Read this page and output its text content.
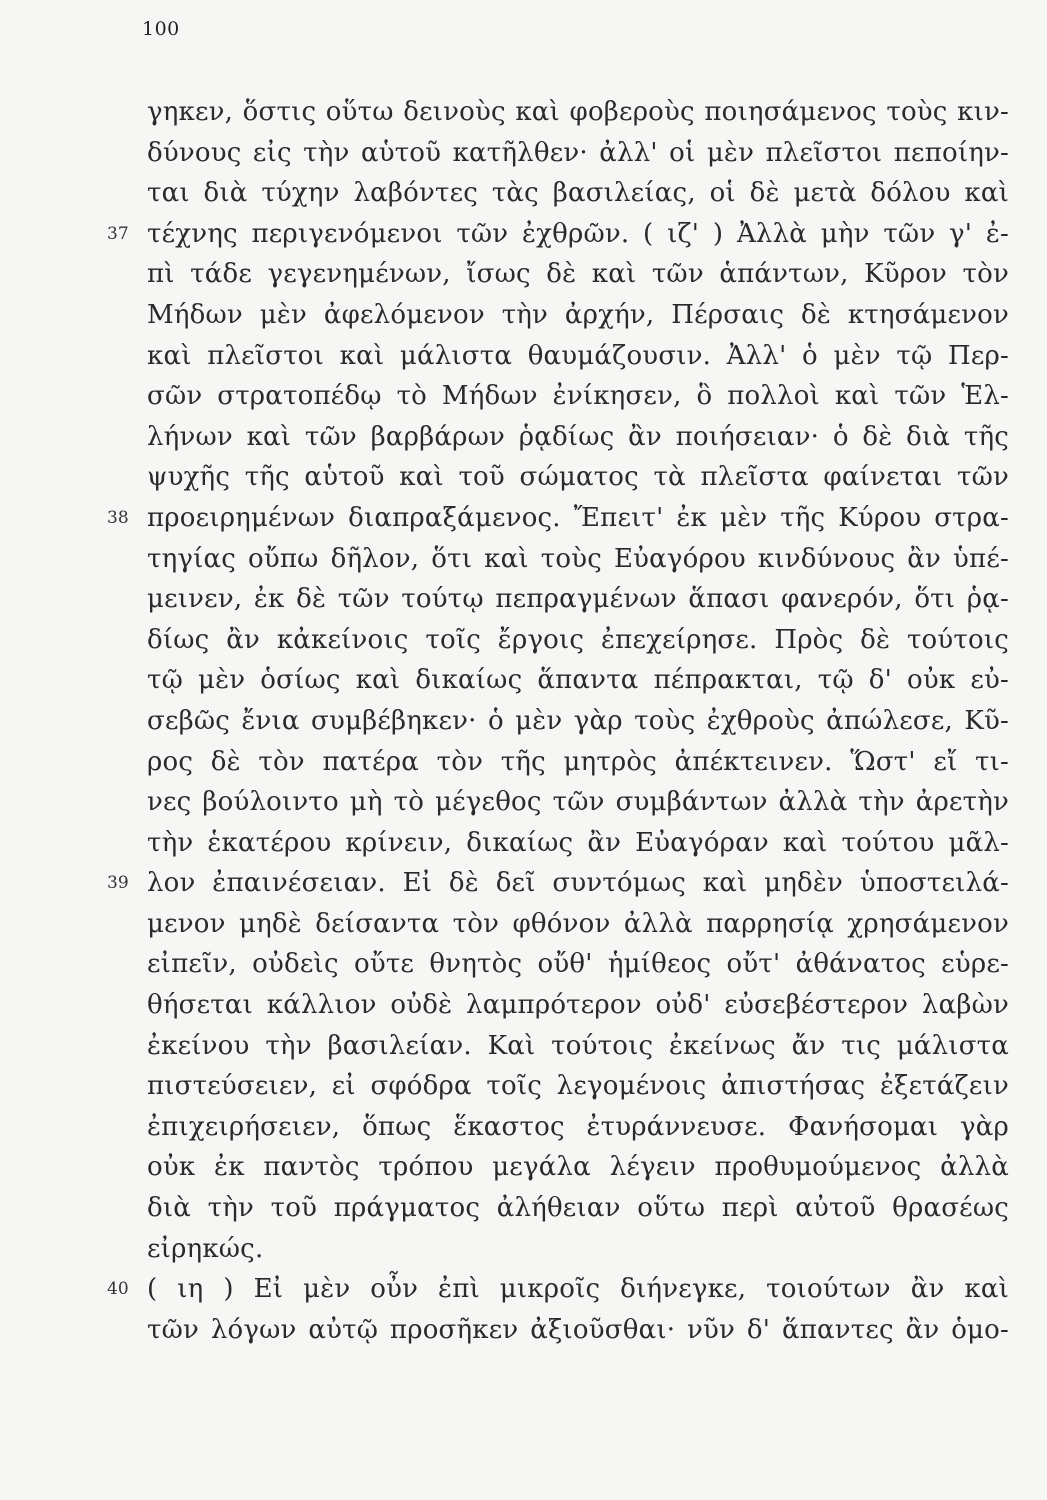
100
γηκεν, ὅστις οὕτω δεινοὺς καὶ φοβεροὺς ποιησάμενος τοὺς κιν-
δύνους εἰς τὴν αὑτοῦ κατῆλθεν· ἀλλ' οἱ μὲν πλεῖστοι πεποίην-
ται διὰ τύχην λαβόντες τὰς βασιλείας, οἱ δὲ μετὰ δόλου καὶ
37 τέχνης περιγενόμενοι τῶν ἐχθρῶν. ( ιζ' ) Ἀλλὰ μὴν τῶν γ' ἐ-
πὶ τάδε γεγενημένων, ἴσως δὲ καὶ τῶν ἁπάντων, Κῦρον τὸν
Μήδων μὲν ἀφελόμενον τὴν ἀρχήν, Πέρσαις δὲ κτησάμενον
καὶ πλεῖστοι καὶ μάλιστα θαυμάζουσιν. Ἀλλ' ὁ μὲν τῷ Περ-
σῶν στρατοπέδῳ τὸ Μήδων ἐνίκησεν, ὃ πολλοὶ καὶ τῶν Ἑλ-
λήνων καὶ τῶν βαρβάρων ῥᾳδίως ἂν ποιήσειαν· ὁ δὲ διὰ τῆς
ψυχῆς τῆς αὑτοῦ καὶ τοῦ σώματος τὰ πλεῖστα φαίνεται τῶν
38 προειρημένων διαπραξάμενος. Ἔπειτ' ἐκ μὲν τῆς Κύρου στρα-
τηγίας οὔπω δῆλον, ὅτι καὶ τοὺς Εὐαγόρου κινδύνους ἂν ὑπέ-
μεινεν, ἐκ δὲ τῶν τούτῳ πεπραγμένων ἅπασι φανερόν, ὅτι ῥᾳ-
δίως ἂν κἀκείνοις τοῖς ἔργοις ἐπεχείρησε. Πρὸς δὲ τούτοις
τῷ μὲν ὁσίως καὶ δικαίως ἅπαντα πέπρακται, τῷ δ' οὐκ εὐ-
σεβῶς ἔνια συμβέβηκεν· ὁ μὲν γὰρ τοὺς ἐχθροὺς ἀπώλεσε, Κῦ-
ρος δὲ τὸν πατέρα τὸν τῆς μητρὸς ἀπέκτεινεν. Ὥστ' εἴ τι-
νες βούλοιντο μὴ τὸ μέγεθος τῶν συμβάντων ἀλλὰ τὴν ἀρετὴν
τὴν ἑκατέρου κρίνειν, δικαίως ἂν Εὐαγόραν καὶ τούτου μᾶλ-
39 λον ἐπαινέσειαν. Εἰ δὲ δεῖ συντόμως καὶ μηδὲν ὑποστειλά-
μενον μηδὲ δείσαντα τὸν φθόνον ἀλλὰ παρρησίᾳ χρησάμενον
εἰπεῖν, οὐδεὶς οὔτε θνητὸς οὔθ' ἡμίθεος οὔτ' ἀθάνατος εὑρε-
θήσεται κάλλιον οὐδὲ λαμπρότερον οὐδ' εὐσεβέστερον λαβὼν
ἐκείνου τὴν βασιλείαν. Καὶ τούτοις ἐκείνως ἄν τις μάλιστα
πιστεύσειεν, εἰ σφόδρα τοῖς λεγομένοις ἀπιστήσας ἐξετάζειν
ἐπιχειρήσειεν, ὅπως ἕκαστος ἐτυράννευσε. Φανήσομαι γὰρ
οὐκ ἐκ παντὸς τρόπου μεγάλα λέγειν προθυμούμενος ἀλλὰ
διὰ τὴν τοῦ πράγματος ἀλήθειαν οὕτω περὶ αὐτοῦ θρασέως
εἰρηκώς.
40 ( ιη ) Εἰ μὲν οὖν ἐπὶ μικροῖς διήνεγκε, τοιούτων ἂν καὶ
τῶν λόγων αὐτῷ προσῆκεν ἀξιοῦσθαι· νῦν δ' ἅπαντες ἂν ὁμο-
